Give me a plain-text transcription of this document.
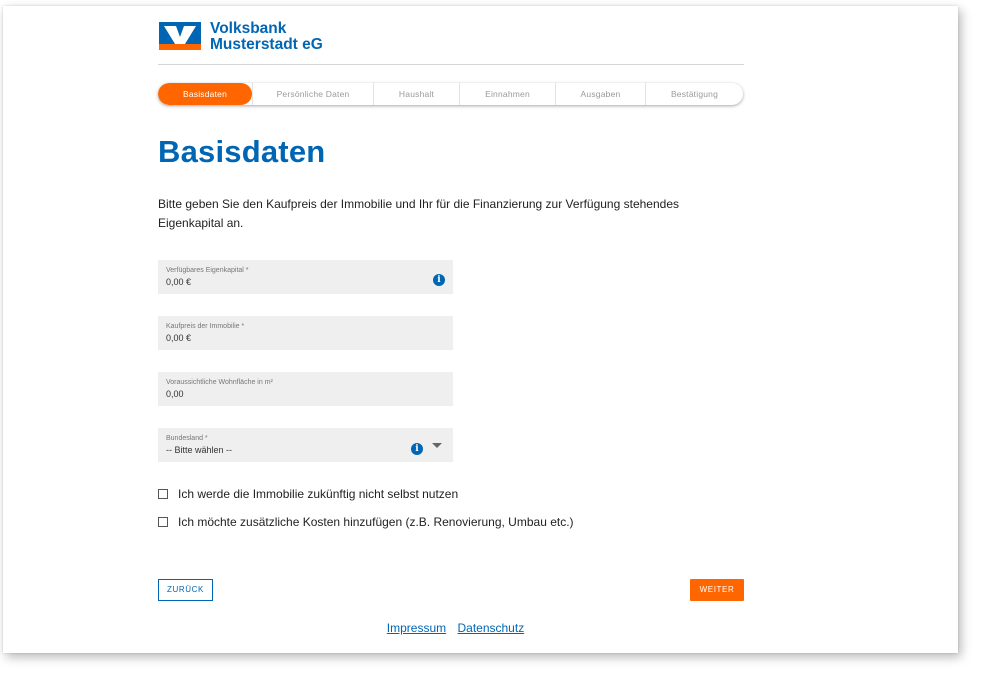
Volksbank
Musterstadt eG
Basisdaten	Persönliche Daten	Haushalt	Einnahmen	Ausgaben	Bestätigung
Basisdaten

Bitte geben Sie den Kaufpreis der Immobilie und Ihr für die Finanzierung zur Verfügung stehendes Eigenkapital an.

Verfügbares Eigenkapital *
0,00 €	i
Kaufpreis der Immobilie *
0,00 €
Voraussichtliche Wohnfläche in m²
0,00
Bundesland *
-- Bitte wählen --	i
Ich werde die Immobilie zukünftig nicht selbst nutzen
Ich möchte zusätzliche Kosten hinzufügen (z.B. Renovierung, Umbau etc.)
ZURÜCK	WEITER
Impressum Datenschutz
